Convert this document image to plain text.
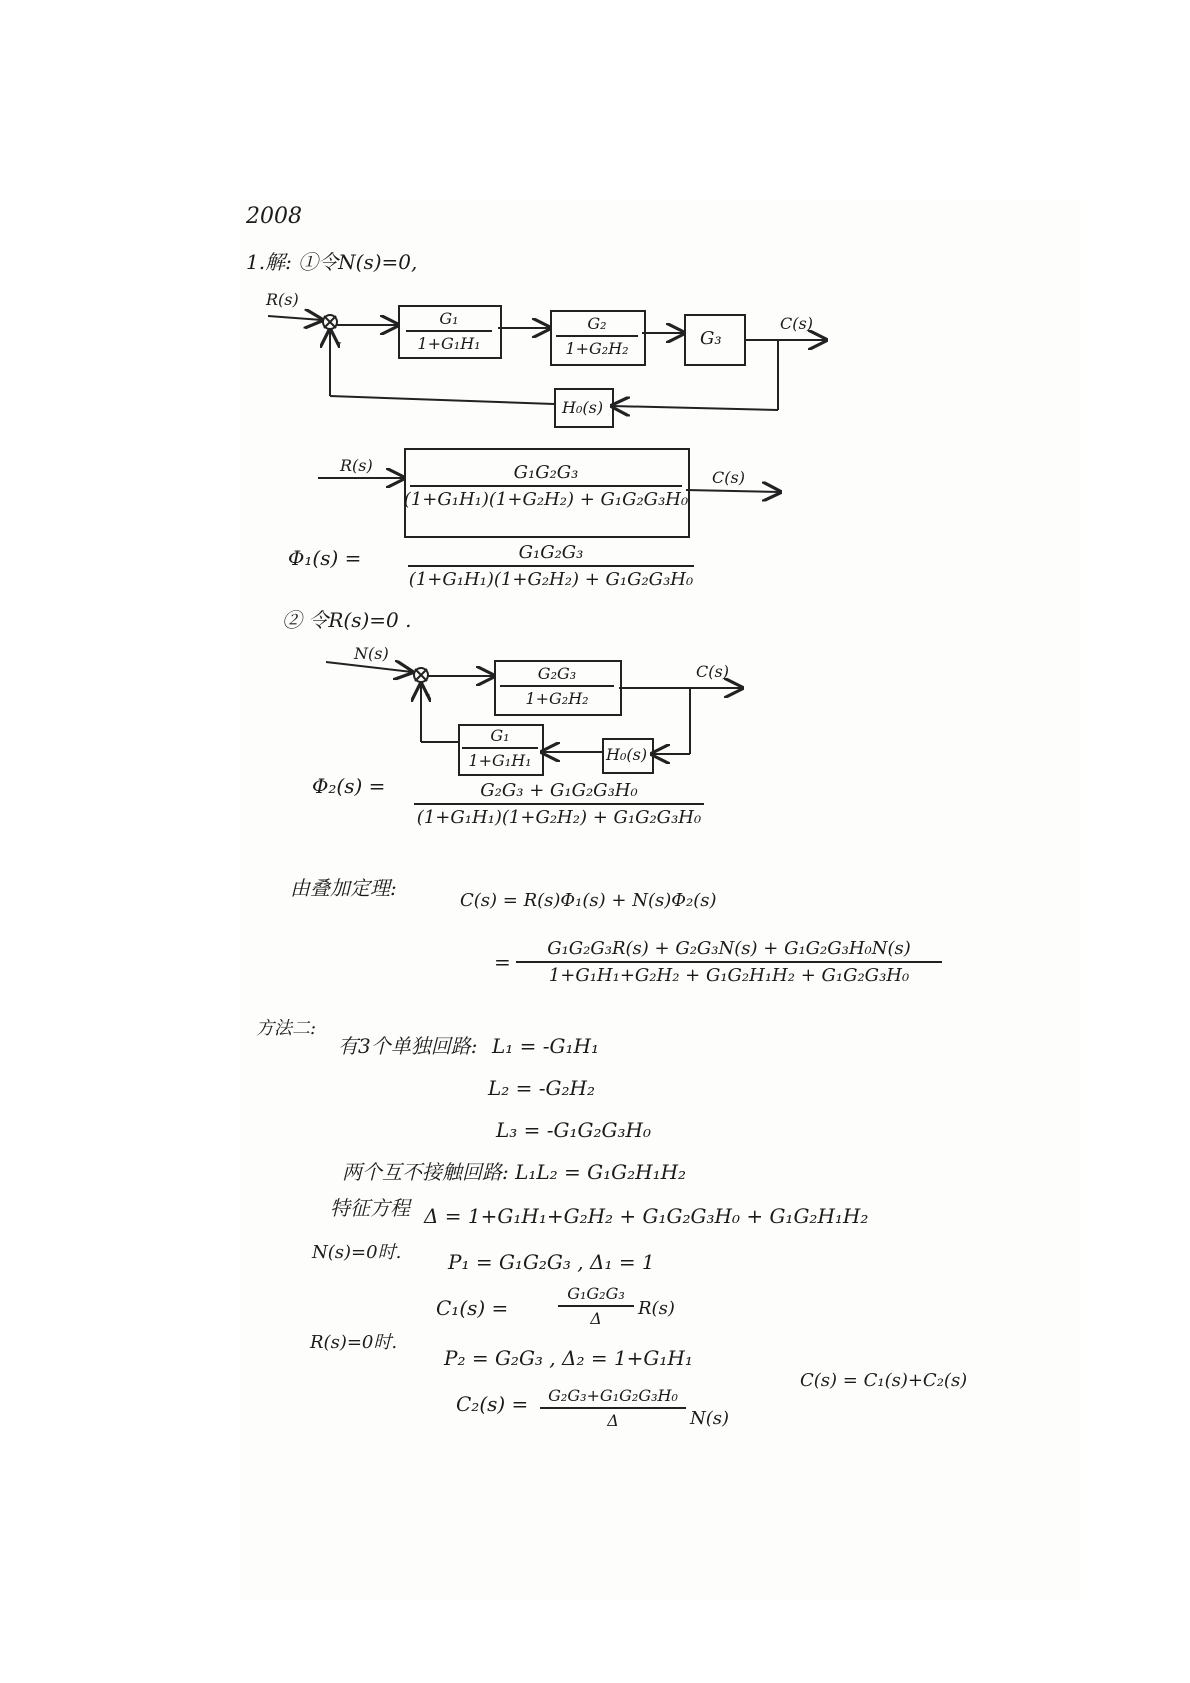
2008
1.解: ①令N(s)=0,
R(s)
-
G₁
1+G₁H₁
G₂
1+G₂H₂	G₃
H₀(s)
C(s)
R(s)	G₁G₂G₃
(1+G₁H₁)(1+G₂H₂) + G₁G₂G₃H₀
C(s)
Φ₁(s) =	G₁G₂G₃
(1+G₁H₁)(1+G₂H₂) + G₁G₂G₃H₀
② 令R(s)=0 .
N(s)
-
G₂G₃
1+G₂H₂
G₁
1+G₁H₁	H₀(s)
C(s)
Φ₂(s) =	G₂G₃ + G₁G₂G₃H₀
(1+G₁H₁)(1+G₂H₂) + G₁G₂G₃H₀
由叠加定理:
C(s) = R(s)Φ₁(s) + N(s)Φ₂(s)
=
G₁G₂G₃R(s) + G₂G₃N(s) + G₁G₂G₃H₀N(s)
1+G₁H₁+G₂H₂ + G₁G₂H₁H₂ + G₁G₂G₃H₀
方法二:
有3个单独回路: L₁ = -G₁H₁
L₂ = -G₂H₂
L₃ = -G₁G₂G₃H₀
两个互不接触回路: L₁L₂ = G₁G₂H₁H₂
特征方程 Δ = 1+G₁H₁+G₂H₂ + G₁G₂G₃H₀ + G₁G₂H₁H₂
N(s)=0时. P₁ = G₁G₂G₃ , Δ₁ = 1
C₁(s) =
G₁G₂G₃
Δ R(s)
R(s)=0时.
P₂ = G₂G₃ , Δ₂ = 1+G₁H₁
C(s) = C₁(s)+C₂(s)
C₂(s) = G₂G₃+G₁G₂G₃H₀
Δ	N(s)
